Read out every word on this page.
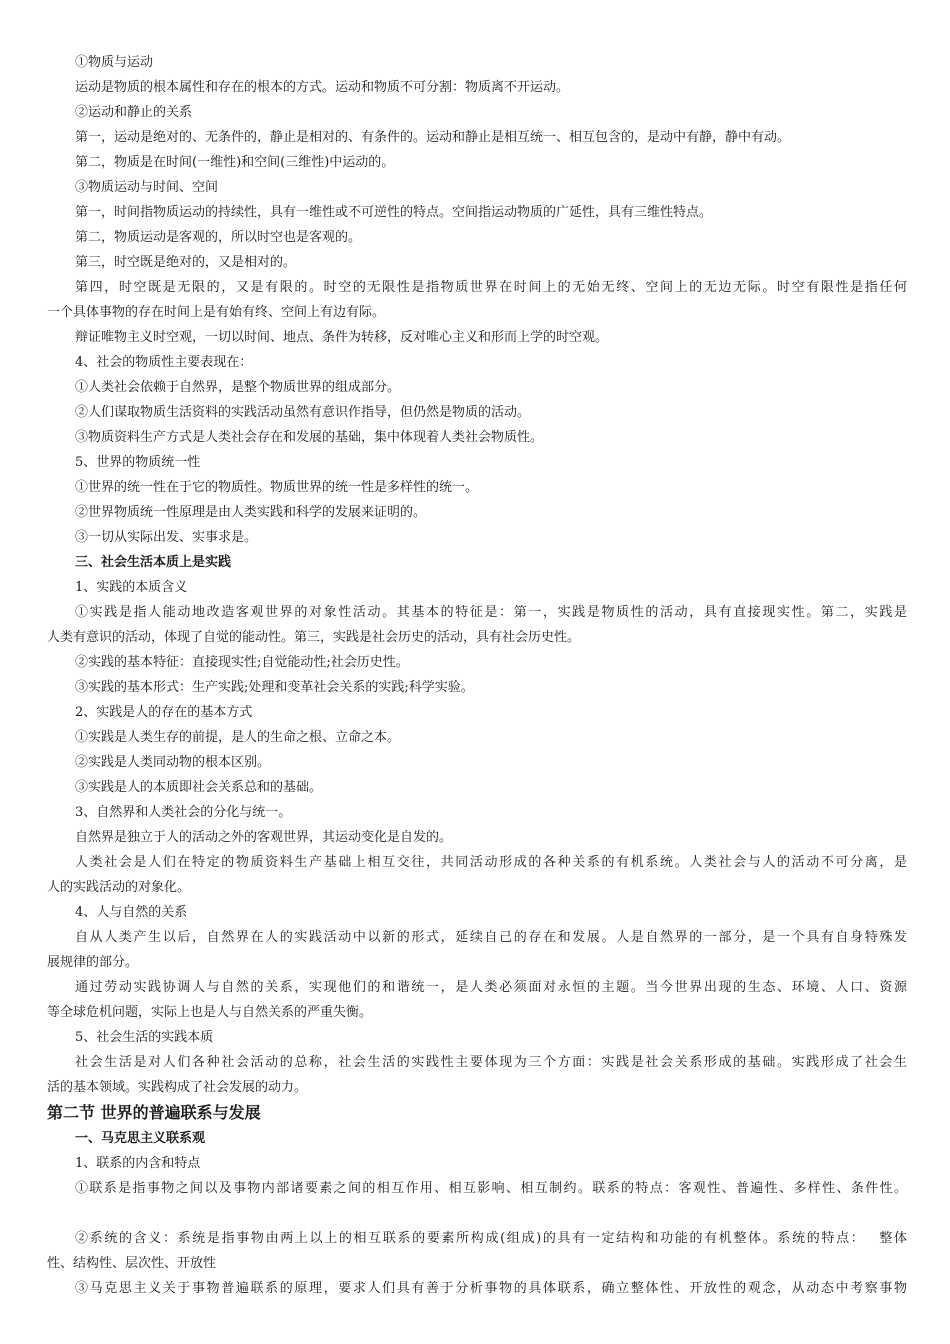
①物质与运动
运动是物质的根本属性和存在的根本的方式。运动和物质不可分割：物质离不开运动。
②运动和静止的关系
第一，运动是绝对的、无条件的，静止是相对的、有条件的。运动和静止是相互统一、相互包含的，是动中有静，静中有动。
第二，物质是在时间(一维性)和空间(三维性)中运动的。
③物质运动与时间、空间
第一，时间指物质运动的持续性，具有一维性或不可逆性的特点。空间指运动物质的广延性，具有三维性特点。
第二，物质运动是客观的，所以时空也是客观的。
第三，时空既是绝对的，又是相对的。
第四，时空既是无限的，又是有限的。时空的无限性是指物质世界在时间上的无始无终、空间上的无边无际。时空有限性是指任何
一个具体事物的存在时间上是有始有终、空间上有边有际。
辩证唯物主义时空观，一切以时间、地点、条件为转移，反对唯心主义和形而上学的时空观。
4、社会的物质性主要表现在：
①人类社会依赖于自然界，是整个物质世界的组成部分。
②人们谋取物质生活资料的实践活动虽然有意识作指导，但仍然是物质的活动。
③物质资料生产方式是人类社会存在和发展的基础，集中体现着人类社会物质性。
5、世界的物质统一性
①世界的统一性在于它的物质性。物质世界的统一性是多样性的统一。
②世界物质统一性原理是由人类实践和科学的发展来证明的。
③一切从实际出发、实事求是。
三、社会生活本质上是实践
1、实践的本质含义
①实践是指人能动地改造客观世界的对象性活动。其基本的特征是：第一，实践是物质性的活动，具有直接现实性。第二，实践是
人类有意识的活动，体现了自觉的能动性。第三，实践是社会历史的活动，具有社会历史性。
②实践的基本特征：直接现实性;自觉能动性;社会历史性。
③实践的基本形式：生产实践;处理和变革社会关系的实践;科学实验。
2、实践是人的存在的基本方式
①实践是人类生存的前提，是人的生命之根、立命之本。
②实践是人类同动物的根本区别。
③实践是人的本质即社会关系总和的基础。
3、自然界和人类社会的分化与统一。
自然界是独立于人的活动之外的客观世界，其运动变化是自发的。
人类社会是人们在特定的物质资料生产基础上相互交往，共同活动形成的各种关系的有机系统。人类社会与人的活动不可分离，是
人的实践活动的对象化。
4、人与自然的关系
自从人类产生以后，自然界在人的实践活动中以新的形式，延续自己的存在和发展。人是自然界的一部分，是一个具有自身特殊发
展规律的部分。
通过劳动实践协调人与自然的关系，实现他们的和谐统一，是人类必须面对永恒的主题。当今世界出现的生态、环境、人口、资源
等全球危机问题，实际上也是人与自然关系的严重失衡。
5、社会生活的实践本质
社会生活是对人们各种社会活动的总称，社会生活的实践性主要体现为三个方面：实践是社会关系形成的基础。实践形成了社会生
活的基本领域。实践构成了社会发展的动力。
第二节 世界的普遍联系与发展
一、马克思主义联系观
1、联系的内含和特点
①联系是指事物之间以及事物内部诸要素之间的相互作用、相互影响、相互制约。联系的特点：客观性、普遍性、多样性、条件性。
②系统的含义：系统是指事物由两上以上的相互联系的要素所构成(组成)的具有一定结构和功能的有机整体。系统的特点：　 整体
性、结构性、层次性、开放性
③马克思主义关于事物普遍联系的原理，要求人们具有善于分析事物的具体联系，确立整体性、开放性的观念，从动态中考察事物
